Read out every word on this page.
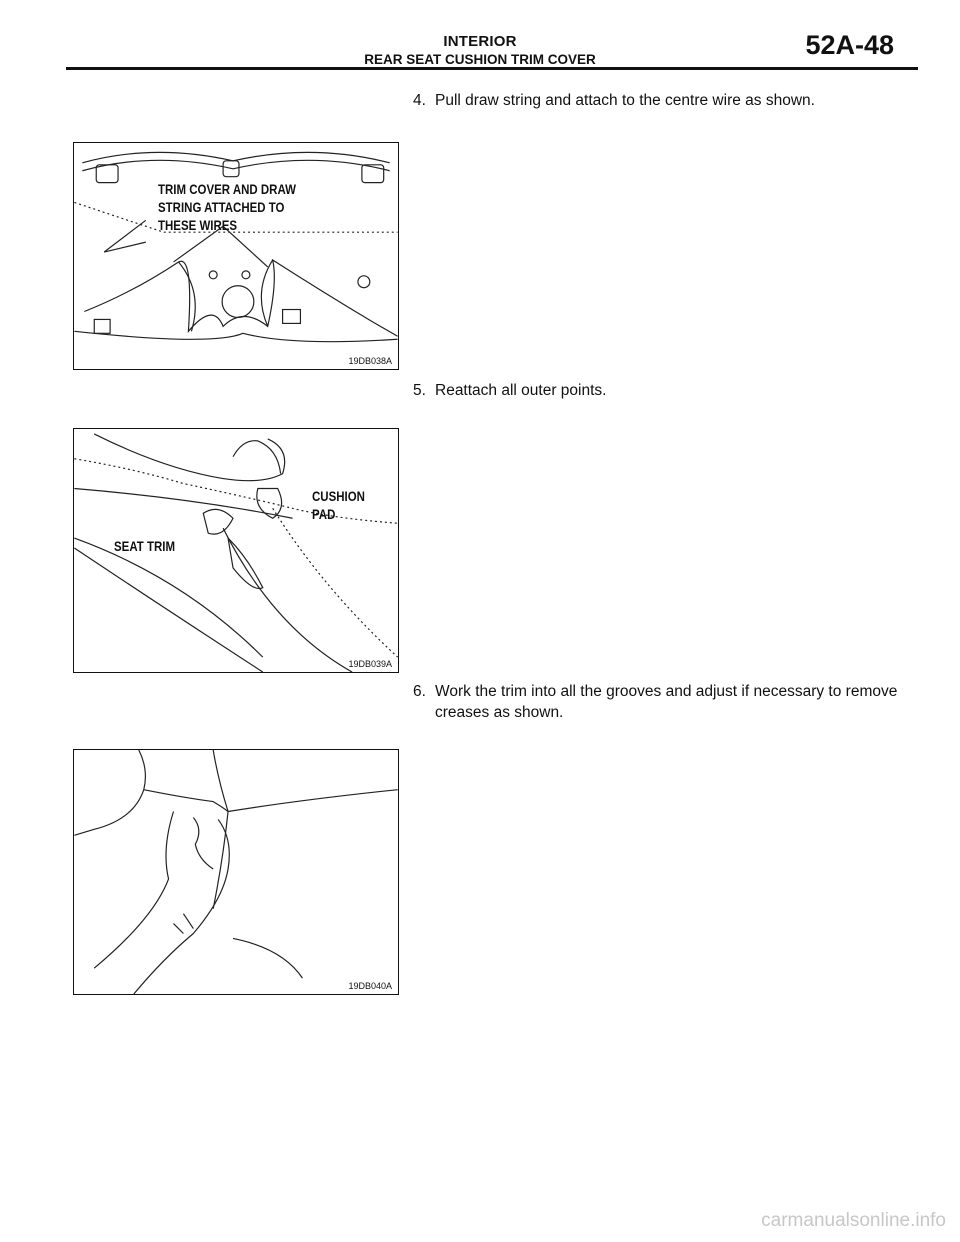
INTERIOR
REAR SEAT CUSHION TRIM COVER	52A-48
4. Pull draw string and attach to the centre wire as shown.
TRIM COVER AND DRAW
STRING ATTACHED TO
THESE WIRES
19DB038A
5. Reattach all outer points.
CUSHION PAD
SEAT TRIM
19DB039A
6. Work the trim into all the grooves and adjust if necessary to remove creases as shown.
19DB040A
carmanualsonline.info
